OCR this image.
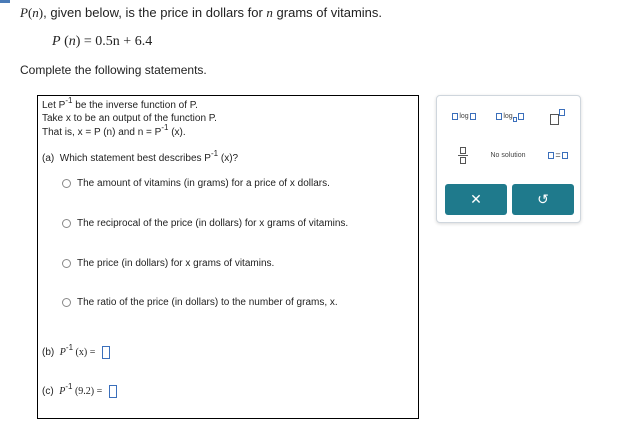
P(n), given below, is the price in dollars for n grams of vitamins.
P (n) = 0.5n + 6.4
Complete the following statements.
Let $P^{-1}$ be the inverse function of P.
Take x to be an output of the function P.
That is, x = P (n) and $n = P^{-1}$ (x).
(a) Which statement best describes $P^{-1}$ (x)?
The amount of vitamins (in grams) for a price of x dollars.
The reciprocal of the price (in dollars) for x grams of vitamins.
The price (in dollars) for x grams of vitamins.
The ratio of the price (in dollars) to the number of grams, x.
(b) $P^{-1}$ (x) =
(c) $P^{-1}$ (9.2) =
log	log
No solution	=
✕	↺
